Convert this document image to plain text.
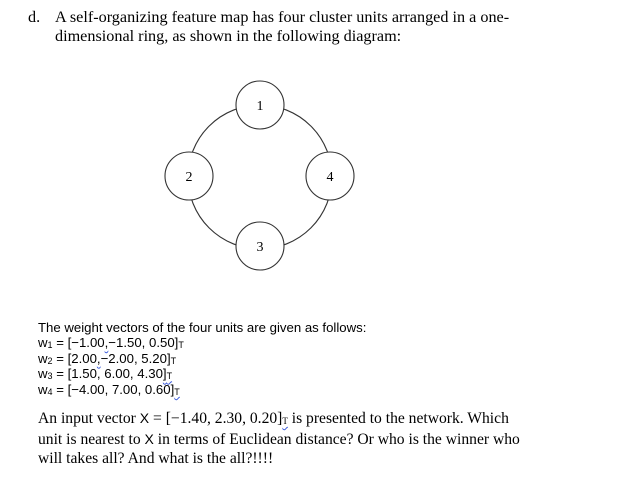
d. A self-organizing feature map has four cluster units arranged in a one-
dimensional ring, as shown in the following diagram:
1
2
3
4
The weight vectors of the four units are given as follows:
w1 = [−1.00,−1.50, 0.50]T
w2 = [2.00,−2.00, 5.20]T
w3 = [1.50, 6.00, 4.30]T
w4 = [−4.00, 7.00, 0.60]T
An input vector X = [−1.40, 2.30, 0.20]T is presented to the network. Which
unit is nearest to X in terms of Euclidean distance? Or who is the winner who
will takes all? And what is the all?!!!!
